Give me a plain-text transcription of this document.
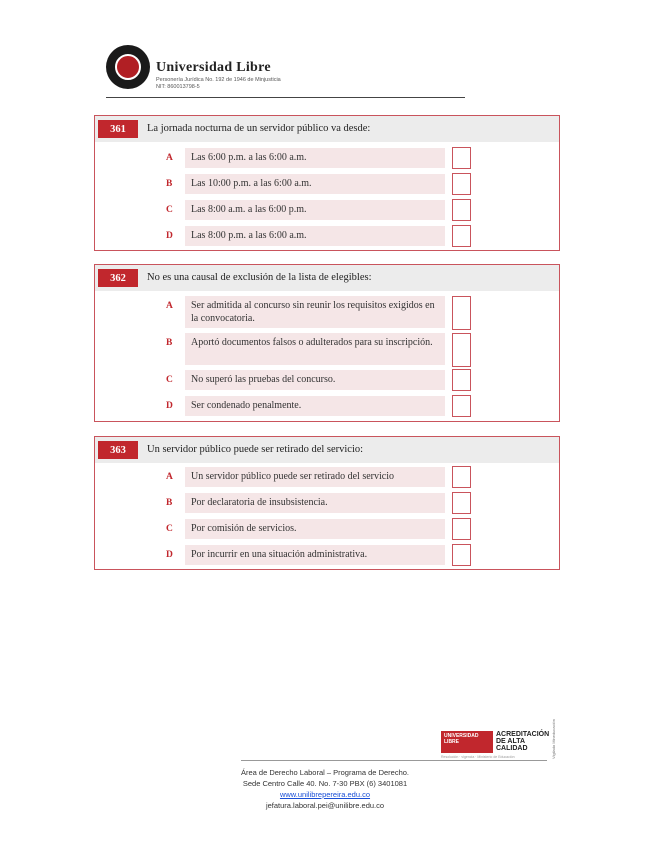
Universidad Libre
Personería Jurídica No. 192 de 1946 de Minjusticia
NIT: 860013798-5
361	La jornada nocturna de un servidor público va desde:
A	Las 6:00 p.m. a las 6:00 a.m.
B	Las 10:00 p.m. a las 6:00 a.m.
C	Las 8:00 a.m. a las 6:00 p.m.
D	Las 8:00 p.m. a las 6:00 a.m.
362	No es una causal de exclusión de la lista de elegibles:
A	Ser admitida al concurso sin reunir los requisitos exigidos en la convocatoria.
B	Aportó documentos falsos o adulterados para su inscripción.
C	No superó las pruebas del concurso.
D	Ser condenado penalmente.
363	Un servidor público puede ser retirado del servicio:
A	Un servidor público puede ser retirado del servicio
B	Por declaratoria de insubsistencia.
C	Por comisión de servicios.
D	Por incurrir en una situación administrativa.
UNIVERSIDAD LIBRE
ACREDITACIÓN DE ALTA CALIDAD
Resolución · vigencia · Ministerio de Educación	Vigilada Mineducación
Área de Derecho Laboral – Programa de Derecho.
Sede Centro Calle 40. No. 7-30 PBX (6) 3401081
www.unilibrepereira.edu.co
jefatura.laboral.pei@unilibre.edu.co
